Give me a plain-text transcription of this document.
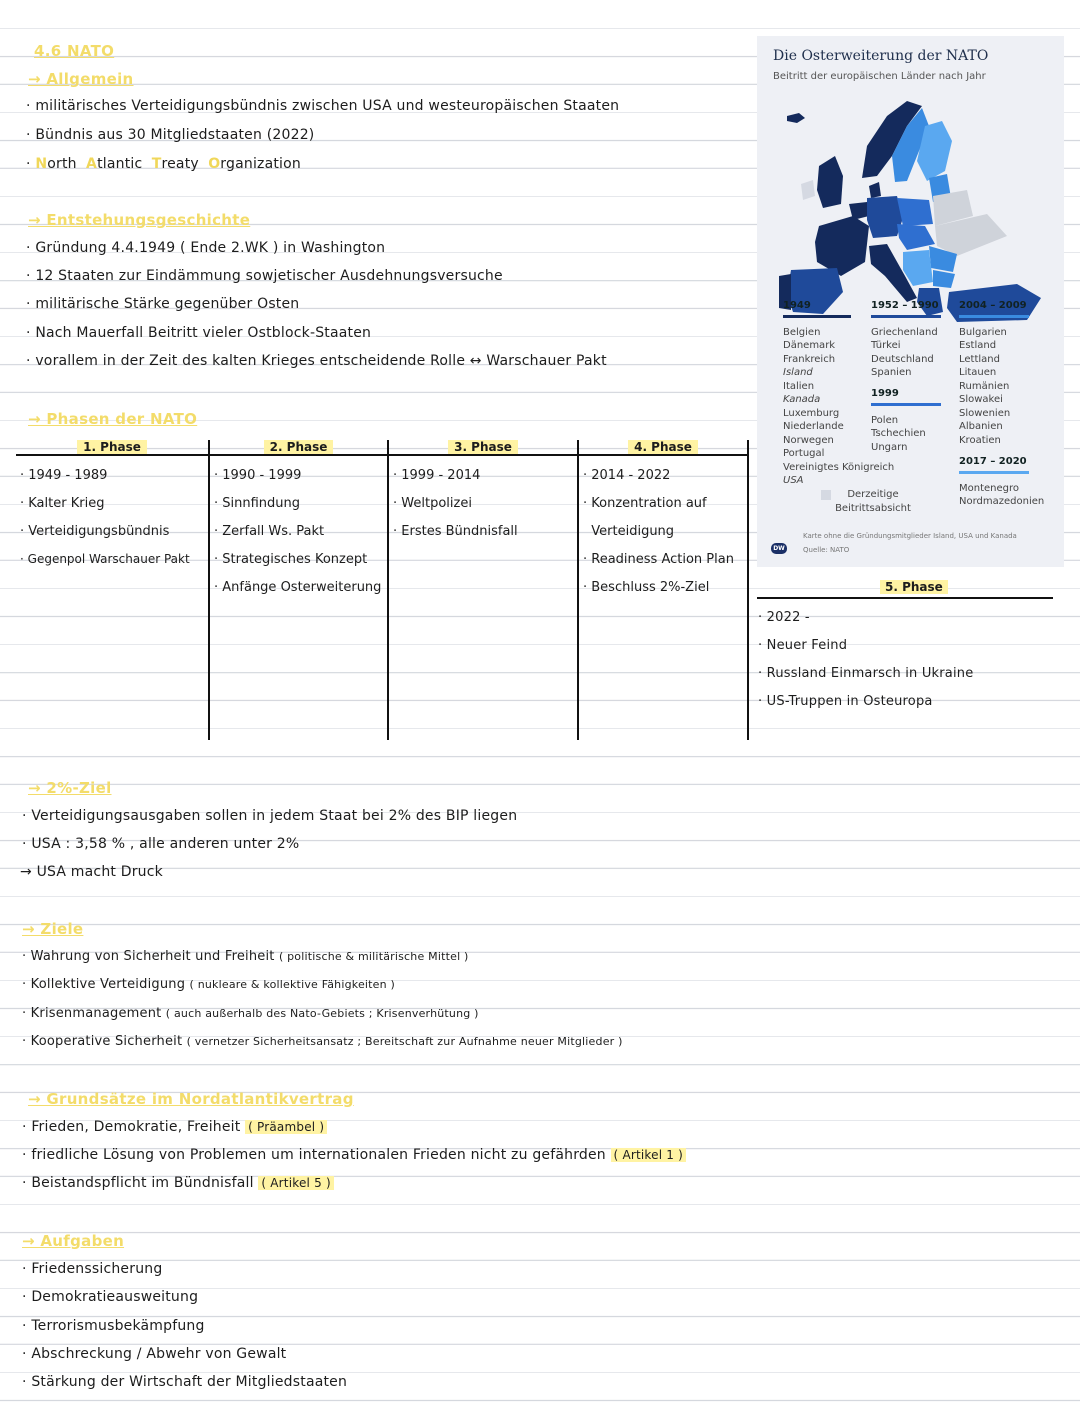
4.6 NATO
→ Allgemein
· militärisches Verteidigungsbündnis zwischen USA und westeuropäischen Staaten
· Bündnis aus 30 Mitgliedstaaten (2022)
· North Atlantic Treaty Organization
→ Entstehungsgeschichte
· Gründung 4.4.1949 ( Ende 2.WK ) in Washington
· 12 Staaten zur Eindämmung sowjetischer Ausdehnungsversuche
· militärische Stärke gegenüber Osten
· Nach Mauerfall Beitritt vieler Ostblock-Staaten
· vorallem in der Zeit des kalten Krieges entscheidende Rolle ↔ Warschauer Pakt
→ Phasen der NATO
1. Phase
· 1949 - 1989
· Kalter Krieg
· Verteidigungsbündnis
· Gegenpol Warschauer Pakt
2. Phase
· 1990 - 1999
· Sinnfindung
· Zerfall Ws. Pakt
· Strategisches Konzept
· Anfänge Osterweiterung
3. Phase
· 1999 - 2014
· Weltpolizei
· Erstes Bündnisfall
4. Phase
· 2014 - 2022
· Konzentration auf
Verteidigung
· Readiness Action Plan
· Beschluss 2%-Ziel	5. Phase
· 2022 -
· Neuer Feind
· Russland Einmarsch in Ukraine
· US-Truppen in Osteuropa
Die Osterweiterung der NATO
Beitritt der europäischen Länder nach Jahr
1949	1952 – 1990 2004 – 2009
Belgien
Dänemark
Frankreich
Island
Italien
Kanada
Luxemburg
Niederlande
Norwegen
Portugal
Vereinigtes Königreich
USA
Griechenland
Türkei
Deutschland
Spanien
1999
Polen
Tschechien
Ungarn
Bulgarien
Estland
Lettland
Litauen
Rumänien
Slowakei
Slowenien
Albanien
Kroatien
2017 – 2020
Montenegro
Nordmazedonien
Derzeitige Beitrittsabsicht
DW
Karte ohne die Gründungsmitglieder Island, USA und Kanada
Quelle: NATO
→ 2%-Ziel
· Verteidigungsausgaben sollen in jedem Staat bei 2% des BIP liegen
· USA : 3,58 % , alle anderen unter 2%
→ USA macht Druck
→ Ziele
· Wahrung von Sicherheit und Freiheit ( politische & militärische Mittel )
· Kollektive Verteidigung ( nukleare & kollektive Fähigkeiten )
· Krisenmanagement ( auch außerhalb des Nato-Gebiets ; Krisenverhütung )
· Kooperative Sicherheit ( vernetzer Sicherheitsansatz ; Bereitschaft zur Aufnahme neuer Mitglieder )
→ Grundsätze im Nordatlantikvertrag
· Frieden, Demokratie, Freiheit ( Präambel )
· friedliche Lösung von Problemen um internationalen Frieden nicht zu gefährden ( Artikel 1 )
· Beistandspflicht im Bündnisfall ( Artikel 5 )
→ Aufgaben
· Friedenssicherung
· Demokratieausweitung
· Terrorismusbekämpfung
· Abschreckung / Abwehr von Gewalt
· Stärkung der Wirtschaft der Mitgliedstaaten
